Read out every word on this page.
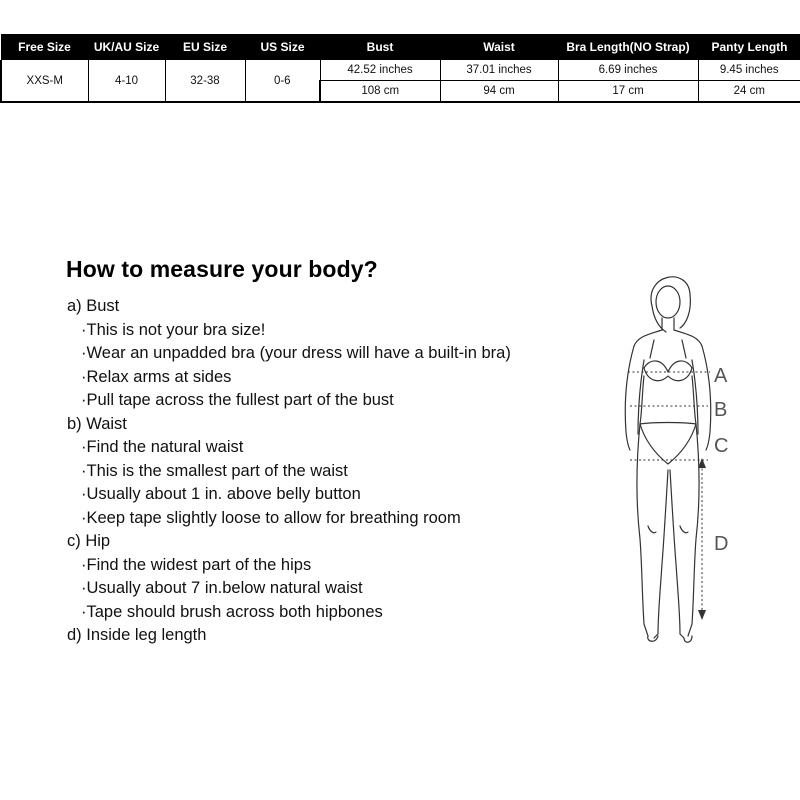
Free Size	UK/AU Size	EU Size	US Size	Bust	Waist	Bra Length(NO Strap)	Panty Length
XXS-M	4-10	32-38	0-6	42.52 inches	37.01 inches	6.69 inches	9.45 inches
				108 cm	94 cm	17 cm	24 cm
How to measure your body?
a) Bust
·This is not your bra size!
·Wear an unpadded bra (your dress will have a built-in bra)
·Relax arms at sides
·Pull tape across the fullest part of the bust
b) Waist
·Find the natural waist
·This is the smallest part of the waist
·Usually about 1 in. above belly button
·Keep tape slightly loose to allow for breathing room
c) Hip
·Find the widest part of the hips
·Usually about 7 in.below natural waist
·Tape should brush across both hipbones
d) Inside leg length
A
B
C
D
